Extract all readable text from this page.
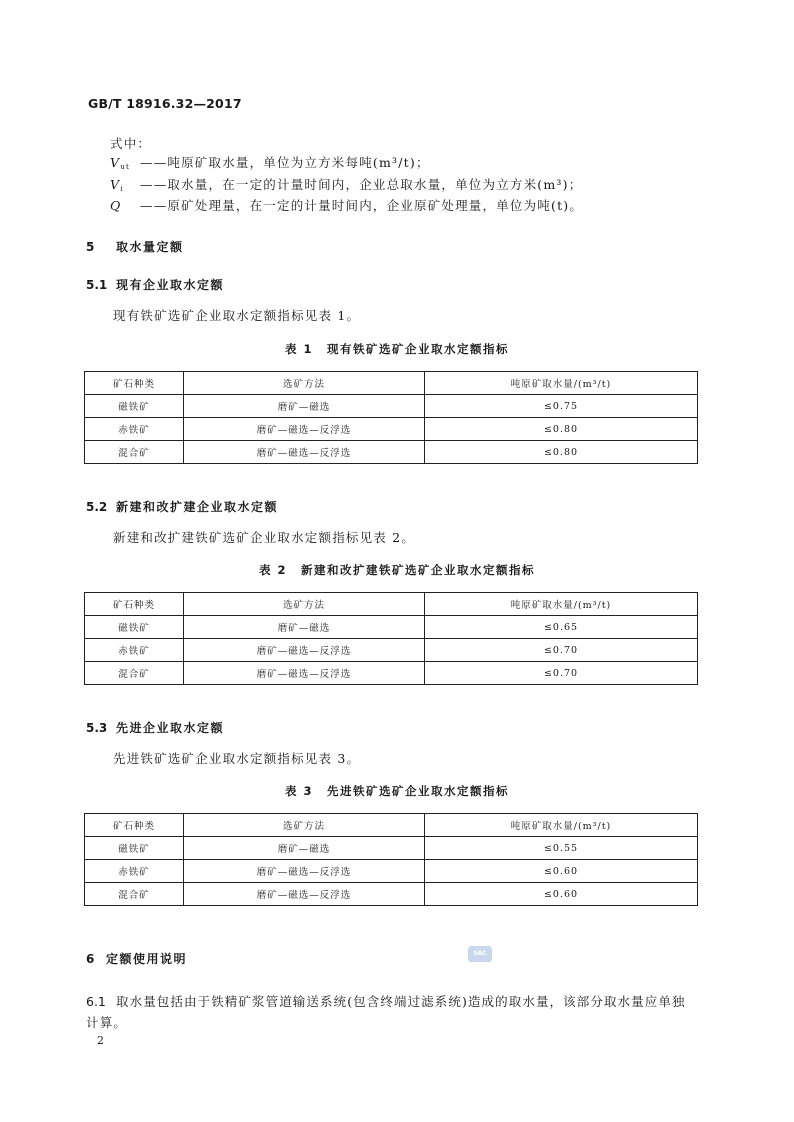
GB/T 18916.32—2017
式中：
$V_{ut}$ ——吨原矿取水量，单位为立方米每吨(m³/t)；
$V_i$ ——取水量，在一定的计量时间内，企业总取水量，单位为立方米(m³)；
Q ——原矿处理量，在一定的计量时间内，企业原矿处理量，单位为吨(t)。
5 取水量定额
5.1 现有企业取水定额
现有铁矿选矿企业取水定额指标见表 1。
表 1 现有铁矿选矿企业取水定额指标
矿石种类	选矿方法	吨原矿取水量/(m³/t)
磁铁矿	磨矿—磁选	≤0.75
赤铁矿	磨矿—磁选—反浮选	≤0.80
混合矿	磨矿—磁选—反浮选	≤0.80
5.2 新建和改扩建企业取水定额
新建和改扩建铁矿选矿企业取水定额指标见表 2。
表 2 新建和改扩建铁矿选矿企业取水定额指标
矿石种类	选矿方法	吨原矿取水量/(m³/t)
磁铁矿	磨矿—磁选	≤0.65
赤铁矿	磨矿—磁选—反浮选	≤0.70
混合矿	磨矿—磁选—反浮选	≤0.70
5.3 先进企业取水定额
先进铁矿选矿企业取水定额指标见表 3。
表 3 先进铁矿选矿企业取水定额指标
矿石种类	选矿方法	吨原矿取水量/(m³/t)
磁铁矿	磨矿—磁选	≤0.55
赤铁矿	磨矿—磁选—反浮选	≤0.60
混合矿	磨矿—磁选—反浮选	≤0.60
6 定额使用说明	SAC
6.1 取水量包括由于铁精矿浆管道输送系统(包含终端过滤系统)造成的取水量，该部分取水量应单独
计算。
2
